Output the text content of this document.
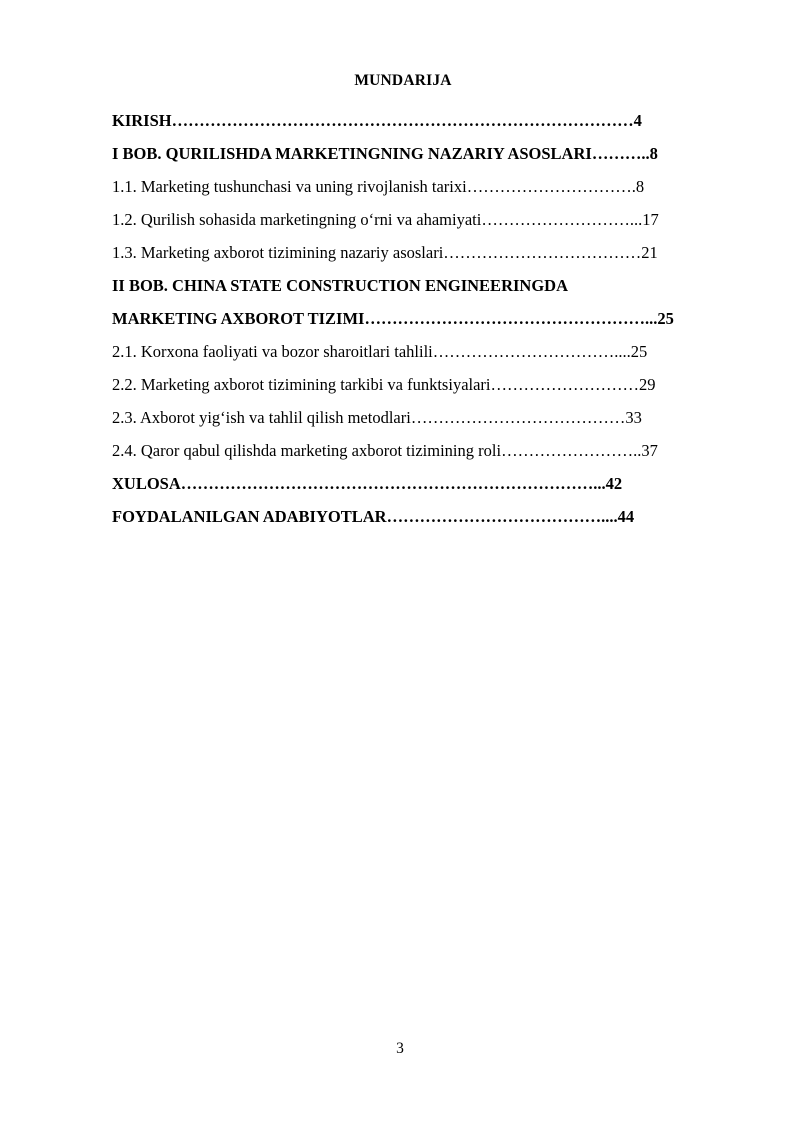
MUNDARIJA
KIRISH…………………………………………………………………………4
I BOB. QURILISHDA MARKETINGNING NAZARIY ASOSLARI………..8
1.1. Marketing tushunchasi va uning rivojlanish tarixi………………………….8
1.2. Qurilish sohasida marketingning o‘rni va ahamiyati………………………...17
1.3. Marketing axborot tizimining nazariy asoslari………………………………21
II BOB. CHINA STATE CONSTRUCTION ENGINEERINGDA
MARKETING AXBOROT TIZIMI……………………………………………...25
2.1. Korxona faoliyati va bozor sharoitlari tahlili……………………………....25
2.2. Marketing axborot tizimining tarkibi va funktsiyalari………………………29
2.3. Axborot yig‘ish va tahlil qilish metodlari…………………………………33
2.4. Qaror qabul qilishda marketing axborot tizimining roli……………………..37
XULOSA…………………………………………………………………...42
FOYDALANILGAN ADABIYOTLAR…………………………………....44
3
